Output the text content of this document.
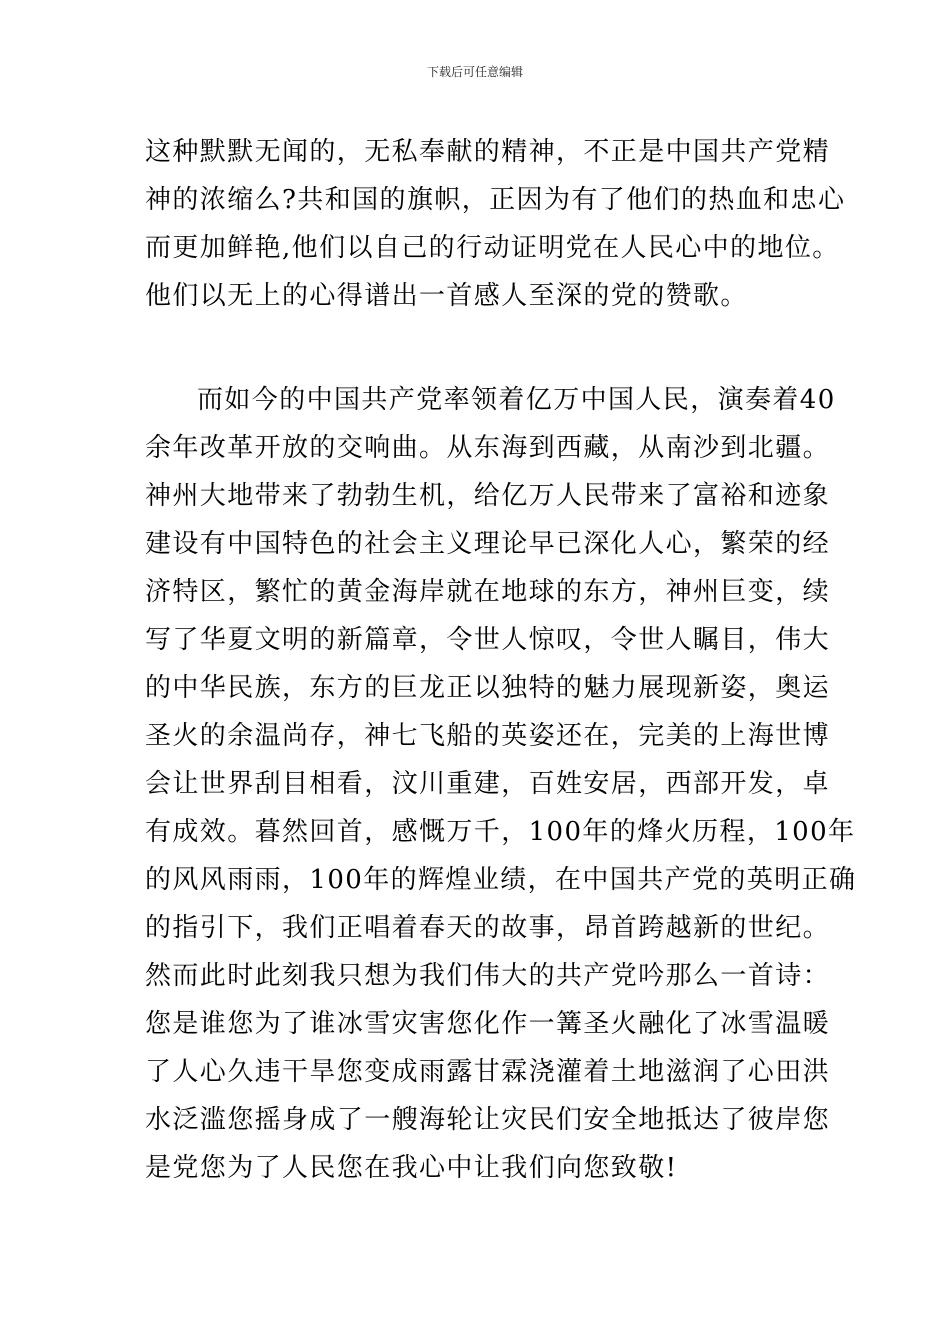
下载后可任意编辑
这种默默无闻的，无私奉献的精神，不正是中国共产党精
神的浓缩么?共和国的旗帜，正因为有了他们的热血和忠心
而更加鲜艳,他们以自己的行动证明党在人民心中的地位。
他们以无上的心得谱出一首感人至深的党的赞歌。
而如今的中国共产党率领着亿万中国人民，演奏着40
余年改革开放的交响曲。从东海到西藏，从南沙到北疆。
神州大地带来了勃勃生机，给亿万人民带来了富裕和迹象
建设有中国特色的社会主义理论早已深化人心，繁荣的经
济特区，繁忙的黄金海岸就在地球的东方，神州巨变，续
写了华夏文明的新篇章，令世人惊叹，令世人瞩目，伟大
的中华民族，东方的巨龙正以独特的魅力展现新姿，奥运
圣火的余温尚存，神七飞船的英姿还在，完美的上海世博
会让世界刮目相看，汶川重建，百姓安居，西部开发，卓
有成效。暮然回首，感慨万千，100年的烽火历程，100年
的风风雨雨，100年的辉煌业绩，在中国共产党的英明正确
的指引下，我们正唱着春天的故事，昂首跨越新的世纪。
然而此时此刻我只想为我们伟大的共产党吟那么一首诗：
您是谁您为了谁冰雪灾害您化作一篝圣火融化了冰雪温暖
了人心久违干旱您变成雨露甘霖浇灌着土地滋润了心田洪
水泛滥您摇身成了一艘海轮让灾民们安全地抵达了彼岸您
是党您为了人民您在我心中让我们向您致敬!
